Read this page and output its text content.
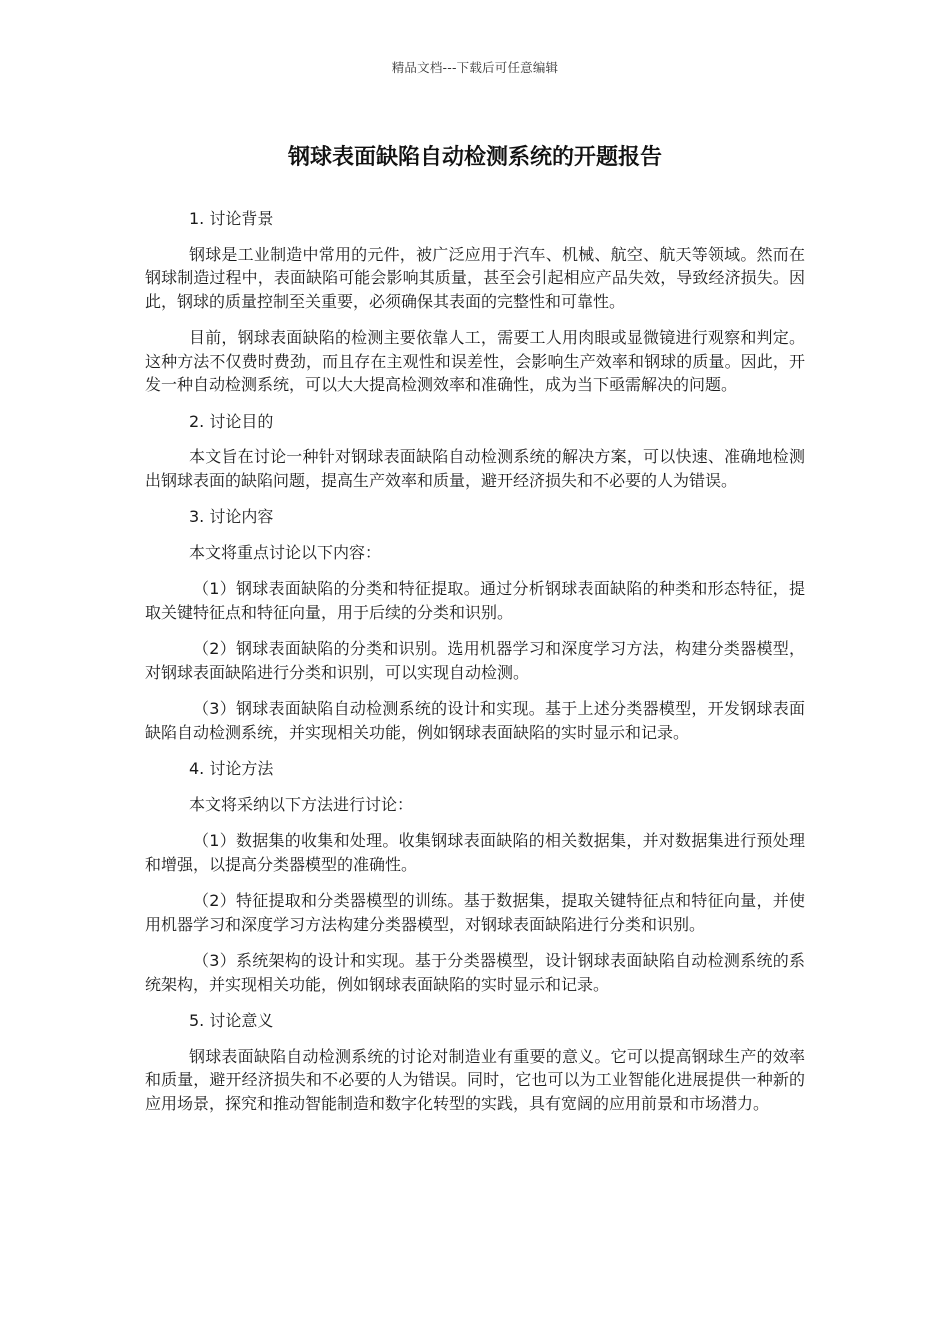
精品文档---下载后可任意编辑
钢球表面缺陷自动检测系统的开题报告

1. 讨论背景

钢球是工业制造中常用的元件，被广泛应用于汽车、机械、航空、航天等领域。然而在钢球制造过程中，表面缺陷可能会影响其质量，甚至会引起相应产品失效，导致经济损失。因此，钢球的质量控制至关重要，必须确保其表面的完整性和可靠性。

目前，钢球表面缺陷的检测主要依靠人工，需要工人用肉眼或显微镜进行观察和判定。这种方法不仅费时费劲，而且存在主观性和误差性，会影响生产效率和钢球的质量。因此，开发一种自动检测系统，可以大大提高检测效率和准确性，成为当下亟需解决的问题。

2. 讨论目的

本文旨在讨论一种针对钢球表面缺陷自动检测系统的解决方案，可以快速、准确地检测出钢球表面的缺陷问题，提高生产效率和质量，避开经济损失和不必要的人为错误。

3. 讨论内容

本文将重点讨论以下内容：

（1）钢球表面缺陷的分类和特征提取。通过分析钢球表面缺陷的种类和形态特征，提取关键特征点和特征向量，用于后续的分类和识别。

（2）钢球表面缺陷的分类和识别。选用机器学习和深度学习方法，构建分类器模型，对钢球表面缺陷进行分类和识别，可以实现自动检测。

（3）钢球表面缺陷自动检测系统的设计和实现。基于上述分类器模型，开发钢球表面缺陷自动检测系统，并实现相关功能，例如钢球表面缺陷的实时显示和记录。

4. 讨论方法

本文将采纳以下方法进行讨论：

（1）数据集的收集和处理。收集钢球表面缺陷的相关数据集，并对数据集进行预处理和增强，以提高分类器模型的准确性。

（2）特征提取和分类器模型的训练。基于数据集，提取关键特征点和特征向量，并使用机器学习和深度学习方法构建分类器模型，对钢球表面缺陷进行分类和识别。

（3）系统架构的设计和实现。基于分类器模型，设计钢球表面缺陷自动检测系统的系统架构，并实现相关功能，例如钢球表面缺陷的实时显示和记录。

5. 讨论意义

钢球表面缺陷自动检测系统的讨论对制造业有重要的意义。它可以提高钢球生产的效率和质量，避开经济损失和不必要的人为错误。同时，它也可以为工业智能化进展提供一种新的应用场景，探究和推动智能制造和数字化转型的实践，具有宽阔的应用前景和市场潜力。
